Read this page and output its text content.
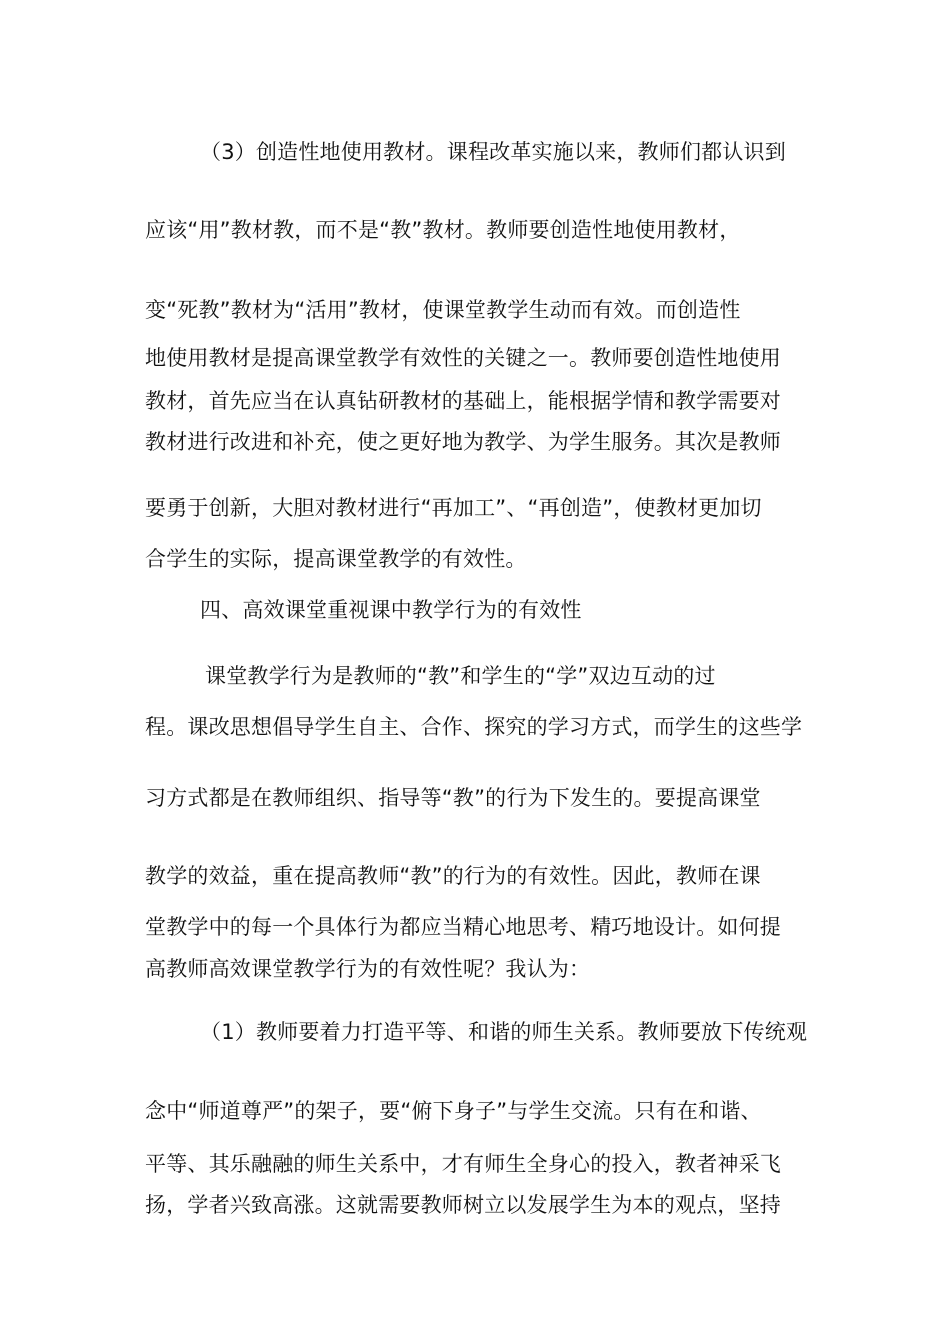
（3）创造性地使用教材。课程改革实施以来，教师们都认识到
应该“用”教材教，而不是“教”教材。教师要创造性地使用教材，
变“死教”教材为“活用”教材，使课堂教学生动而有效。而创造性
地使用教材是提高课堂教学有效性的关键之一。教师要创造性地使用
教材，首先应当在认真钻研教材的基础上，能根据学情和教学需要对
教材进行改进和补充，使之更好地为教学、为学生服务。其次是教师
要勇于创新，大胆对教材进行“再加工”、“再创造”，使教材更加切
合学生的实际，提高课堂教学的有效性。
四、高效课堂重视课中教学行为的有效性
课堂教学行为是教师的“教”和学生的“学”双边互动的过
程。课改思想倡导学生自主、合作、探究的学习方式，而学生的这些学
习方式都是在教师组织、指导等“教”的行为下发生的。要提高课堂
教学的效益，重在提高教师“教”的行为的有效性。因此，教师在课
堂教学中的每一个具体行为都应当精心地思考、精巧地设计。如何提
高教师高效课堂教学行为的有效性呢？我认为：
（1）教师要着力打造平等、和谐的师生关系。教师要放下传统观
念中“师道尊严”的架子，要“俯下身子”与学生交流。只有在和谐、
平等、其乐融融的师生关系中，才有师生全身心的投入，教者神采飞
扬，学者兴致高涨。这就需要教师树立以发展学生为本的观点，坚持
